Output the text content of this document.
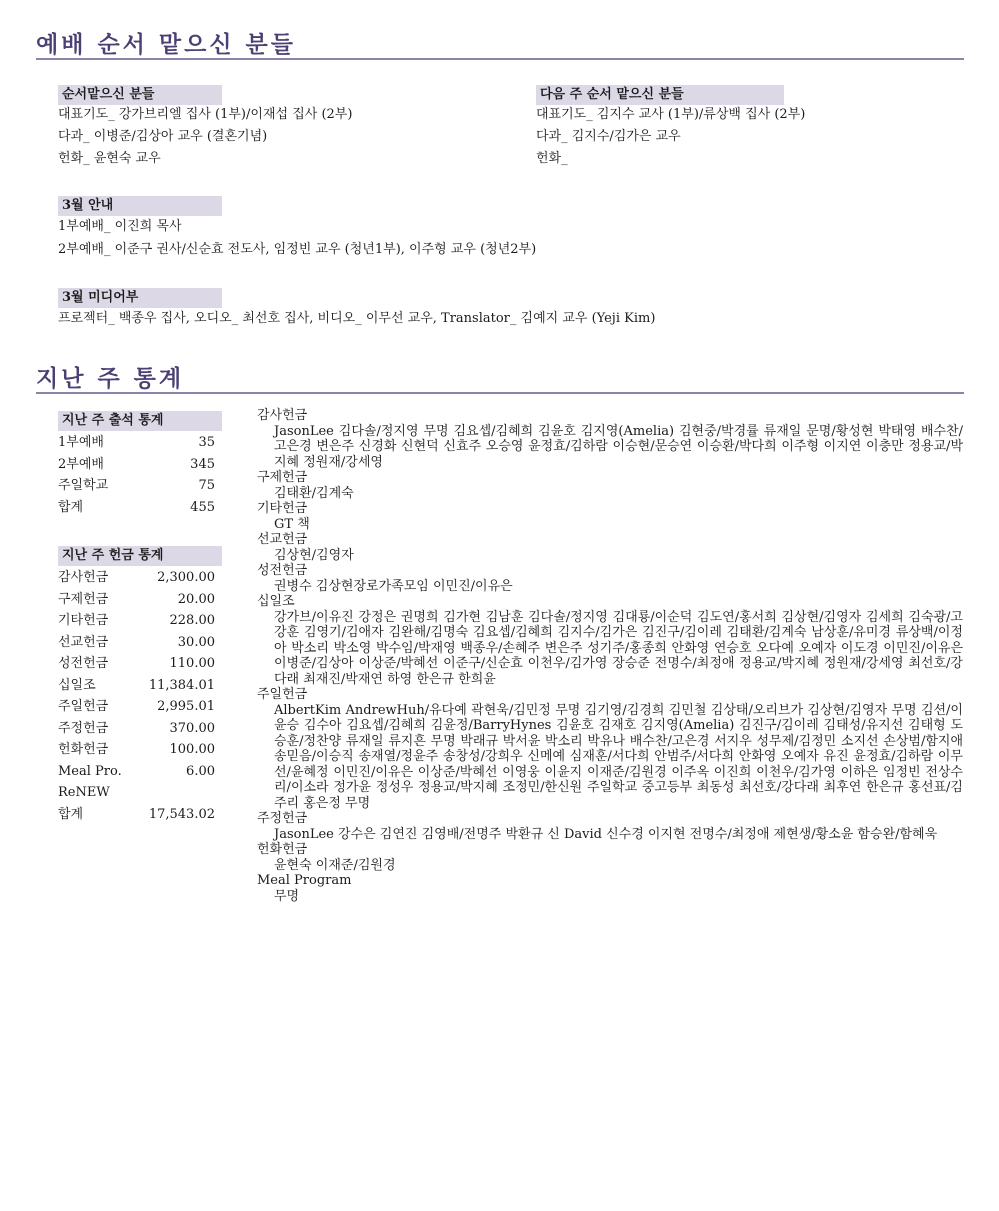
예배 순서 맡으신 분들
순서맡으신 분들
대표기도_ 강가브리엘 집사 (1부)/이재섭 집사 (2부)
다과_ 이병준/김상아 교우 (결혼기념)
헌화_ 윤현숙 교우
다음 주 순서 맡으신 분들
대표기도_ 김지수 교사 (1부)/류상백 집사 (2부)
다과_ 김지수/김가은 교우
헌화_
3월 안내
1부예배_ 이진희 목사
2부예배_ 이준구 권사/신순효 전도사, 임정빈 교우 (청년1부), 이주형 교우 (청년2부)
3월 미디어부
프로젝터_ 백종우 집사, 오디오_ 최선호 집사, 비디오_ 이무선 교우, Translator_ 김예지 교우 (Yeji Kim)
지난 주 통계
지난 주 출석 통계
1부예배	35
2부예배	345
주일학교	75
합계	455
지난 주 헌금 통계
감사헌금	2,300.00
구제헌금	20.00
기타헌금	228.00
선교헌금	30.00
성전헌금	110.00
십일조	11,384.01
주일헌금	2,995.01
주정헌금	370.00
헌화헌금	100.00
Meal Pro.	6.00
ReNEW
합계	17,543.02
감사헌금
JasonLee 김다솔/정지영 무명 김요셉/김혜희 김윤호 김지영(Amelia) 김현중/박경률 류재일 문명/황성현 박태영 배수찬/고은경 변은주 신경화 신현덕 신효주 오승영 윤정효/김하람 이승현/문승연 이승환/박다희 이주형 이지연 이충만 정용교/박지혜 정원재/강세영
구제헌금
김태환/김계숙
기타헌금
GT 책
선교헌금
김상현/김영자
성전헌금
권병수 김상현장로가족모임 이민진/이유은
십일조
강가브/이유진 강정은 권명희 김가현 김남훈 김다솔/정지영 김대룡/이순덕 김도연/홍서희 김상현/김영자 김세희 김숙광/고강훈 김영기/김애자 김완해/김명숙 김요셉/김혜희 김지수/김가은 김진구/김이레 김태환/김계숙 남상훈/유미경 류상백/이정아 박소리 박소영 박수임/박재영 백종우/손혜주 변은주 성기주/홍종희 안화영 연승호 오다예 오예자 이도경 이민진/이유은 이병준/김상아 이상준/박혜선 이준구/신순효 이천우/김가영 장승준 전명수/최정애 정용교/박지혜 정원재/강세영 최선호/강다래 최재진/박재연 하영 한은규 한희윤
주일헌금
AlbertKim AndrewHuh/유다예 곽현욱/김민정 무명 김기영/김경희 김민철 김상태/오리브가 김상현/김영자 무명 김션/이윤승 김수아 김요셉/김혜희 김윤정/BarryHynes 김윤호 김재호 김지영(Amelia) 김진구/김이레 김태성/유지선 김태형 도승훈/정찬양 류재일 류지흔 무명 박래규 박서윤 박소리 박유나 배수찬/고은경 서지우 성무제/김정민 소지선 손상범/함지애 송믿음/이승직 송재열/정윤주 송창성/강희우 신메예 심재훈/서다희 안범주/서다희 안화영 오예자 유진 윤정효/김하람 이무선/윤혜정 이민진/이유은 이상준/박혜선 이영웅 이윤지 이재준/김원경 이주옥 이진희 이천우/김가영 이하은 임정빈 전상수리/이소라 정가윤 정성우 정용교/박지혜 조정민/한신원 주일학교 중고등부 최동성 최선호/강다래 최후연 한은규 홍선표/김주리 홍은정 무명
주정헌금
JasonLee 강수은 김연진 김영배/전명주 박환규 신 David 신수경 이지현 전명수/최정애 제현생/황소윤 함승완/함혜욱
헌화헌금
윤현숙 이재준/김원경
Meal Program
무명
